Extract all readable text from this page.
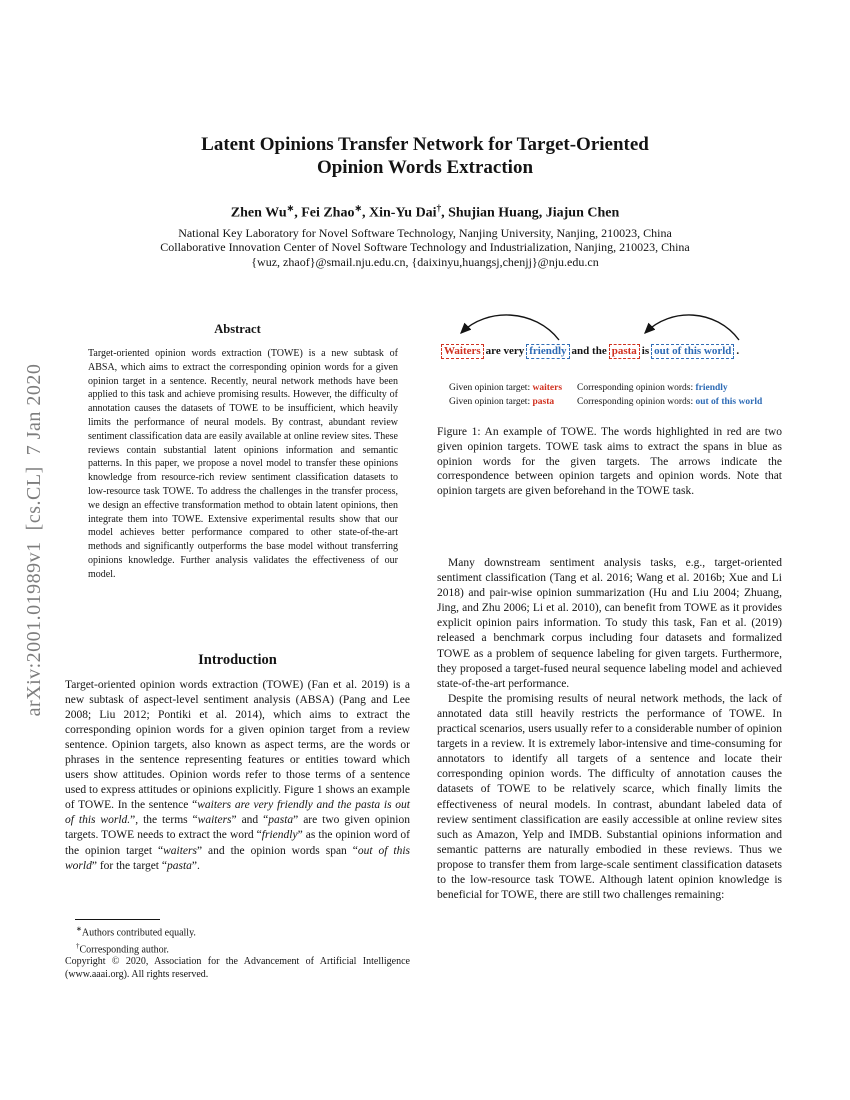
arXiv:2001.01989v1  [cs.CL]  7 Jan 2020
Latent Opinions Transfer Network for Target-Oriented
Opinion Words Extraction
Zhen Wu∗, Fei Zhao∗, Xin-Yu Dai†, Shujian Huang, Jiajun Chen
National Key Laboratory for Novel Software Technology, Nanjing University, Nanjing, 210023, China
Collaborative Innovation Center of Novel Software Technology and Industrialization, Nanjing, 210023, China
{wuz, zhaof}@smail.nju.edu.cn, {daixinyu,huangsj,chenjj}@nju.edu.cn
Abstract
Target-oriented opinion words extraction (TOWE) is a new subtask of ABSA, which aims to extract the corresponding opinion words for a given opinion target in a sentence. Recently, neural network methods have been applied to this task and achieve promising results. However, the difficulty of annotation causes the datasets of TOWE to be insufficient, which heavily limits the performance of neural models. By contrast, abundant review sentiment classification data are easily available at online review sites. These reviews contain substantial latent opinions information and semantic patterns. In this paper, we propose a novel model to transfer these opinions knowledge from resource-rich review sentiment classification datasets to low-resource task TOWE. To address the challenges in the transfer process, we design an effective transformation method to obtain latent opinions, then integrate them into TOWE. Extensive experimental results show that our model achieves better performance compared to other state-of-the-art methods and significantly outperforms the base model without transferring opinions knowledge. Further analysis validates the effectiveness of our model.
Introduction
Target-oriented opinion words extraction (TOWE) (Fan et al. 2019) is a new subtask of aspect-level sentiment analysis (ABSA) (Pang and Lee 2008; Liu 2012; Pontiki et al. 2014), which aims to extract the corresponding opinion words for a given opinion target from a review sentence. Opinion targets, also known as aspect terms, are the words or phrases in the sentence representing features or entities toward which users show attitudes. Opinion words refer to those terms of a sentence used to express attitudes or opinions explicitly. Figure 1 shows an example of TOWE. In the sentence “waiters are very friendly and the pasta is out of this world.”, the terms “waiters” and “pasta” are two given opinion targets. TOWE needs to extract the word “friendly” as the opinion word of the opinion target “waiters” and the opinion words span “out of this world” for the target “pasta”.
∗Authors contributed equally.
†Corresponding author.
Copyright © 2020, Association for the Advancement of Artificial Intelligence (www.aaai.org). All rights reserved.
Waiters are very friendly and the pasta is out of this world .
Given opinion target: waiters	Corresponding opinion words: friendly
Given opinion target: pasta	Corresponding opinion words: out of this world
Figure 1: An example of TOWE. The words highlighted in red are two given opinion targets. TOWE task aims to extract the spans in blue as opinion words for the given targets. The arrows indicate the correspondence between opinion targets and opinion words. Note that opinion targets are given beforehand in the TOWE task.

Many downstream sentiment analysis tasks, e.g., target-oriented sentiment classification (Tang et al. 2016; Wang et al. 2016b; Xue and Li 2018) and pair-wise opinion summarization (Hu and Liu 2004; Zhuang, Jing, and Zhu 2006; Li et al. 2010), can benefit from TOWE as it provides explicit opinion pairs information. To study this task, Fan et al. (2019) released a benchmark corpus including four datasets and formalized TOWE as a problem of sequence labeling for given targets. Furthermore, they proposed a target-fused neural sequence labeling model and achieved state-of-the-art performance.

Despite the promising results of neural network methods, the lack of annotated data still heavily restricts the performance of TOWE. In practical scenarios, users usually refer to a considerable number of opinion targets in a review. It is extremely labor-intensive and time-consuming for annotators to identify all targets of a sentence and locate their corresponding opinion words. The difficulty of annotation causes the datasets of TOWE to be relatively scarce, which finally limits the effectiveness of neural models. In contrast, abundant labeled data of review sentiment classification are easily accessible at online review sites such as Amazon, Yelp and IMDB. Substantial opinions information and semantic patterns are naturally embodied in these reviews. Thus we propose to transfer them from large-scale sentiment classification datasets to the low-resource task TOWE. Although latent opinion knowledge is beneficial for TOWE, there are still two challenges remaining:
